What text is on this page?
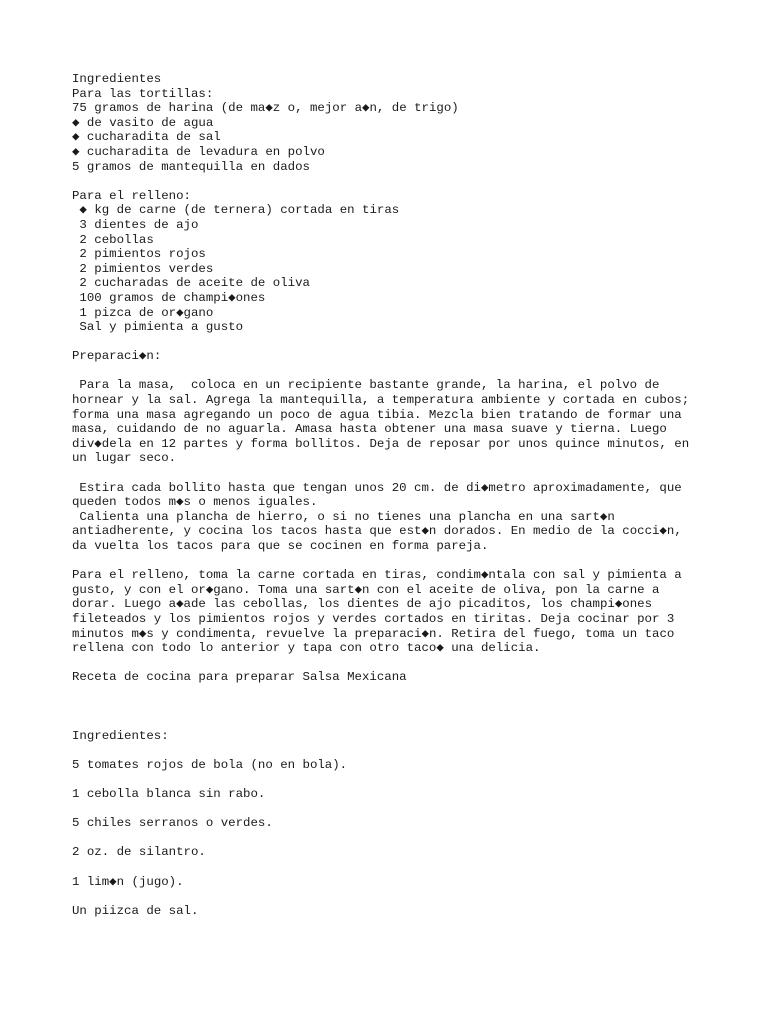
Ingredientes
Para las tortillas:
75 gramos de harina (de ma◆z o, mejor a◆n, de trigo)
◆ de vasito de agua
◆ cucharadita de sal
◆ cucharadita de levadura en polvo
5 gramos de mantequilla en dados
Para el relleno:
◆ kg de carne (de ternera) cortada en tiras
3 dientes de ajo
2 cebollas
2 pimientos rojos
2 pimientos verdes
2 cucharadas de aceite de oliva
100 gramos de champi◆ones
1 pizca de or◆gano
Sal y pimienta a gusto
Preparaci◆n:
Para la masa,  coloca en un recipiente bastante grande, la harina, el polvo de
hornear y la sal. Agrega la mantequilla, a temperatura ambiente y cortada en cubos;
forma una masa agregando un poco de agua tibia. Mezcla bien tratando de formar una
masa, cuidando de no aguarla. Amasa hasta obtener una masa suave y tierna. Luego
div◆dela en 12 partes y forma bollitos. Deja de reposar por unos quince minutos, en
un lugar seco.
Estira cada bollito hasta que tengan unos 20 cm. de di◆metro aproximadamente, que
queden todos m◆s o menos iguales.
Calienta una plancha de hierro, o si no tienes una plancha en una sart◆n
antiadherente, y cocina los tacos hasta que est◆n dorados. En medio de la cocci◆n,
da vuelta los tacos para que se cocinen en forma pareja.
Para el relleno, toma la carne cortada en tiras, condim◆ntala con sal y pimienta a
gusto, y con el or◆gano. Toma una sart◆n con el aceite de oliva, pon la carne a
dorar. Luego a◆ade las cebollas, los dientes de ajo picaditos, los champi◆ones
fileteados y los pimientos rojos y verdes cortados en tiritas. Deja cocinar por 3
minutos m◆s y condimenta, revuelve la preparaci◆n. Retira del fuego, toma un taco
rellena con todo lo anterior y tapa con otro taco◆ una delicia.
Receta de cocina para preparar Salsa Mexicana
Ingredientes:
5 tomates rojos de bola (no en bola).
1 cebolla blanca sin rabo.
5 chiles serranos o verdes.
2 oz. de silantro.
1 lim◆n (jugo).
Un piizca de sal.
